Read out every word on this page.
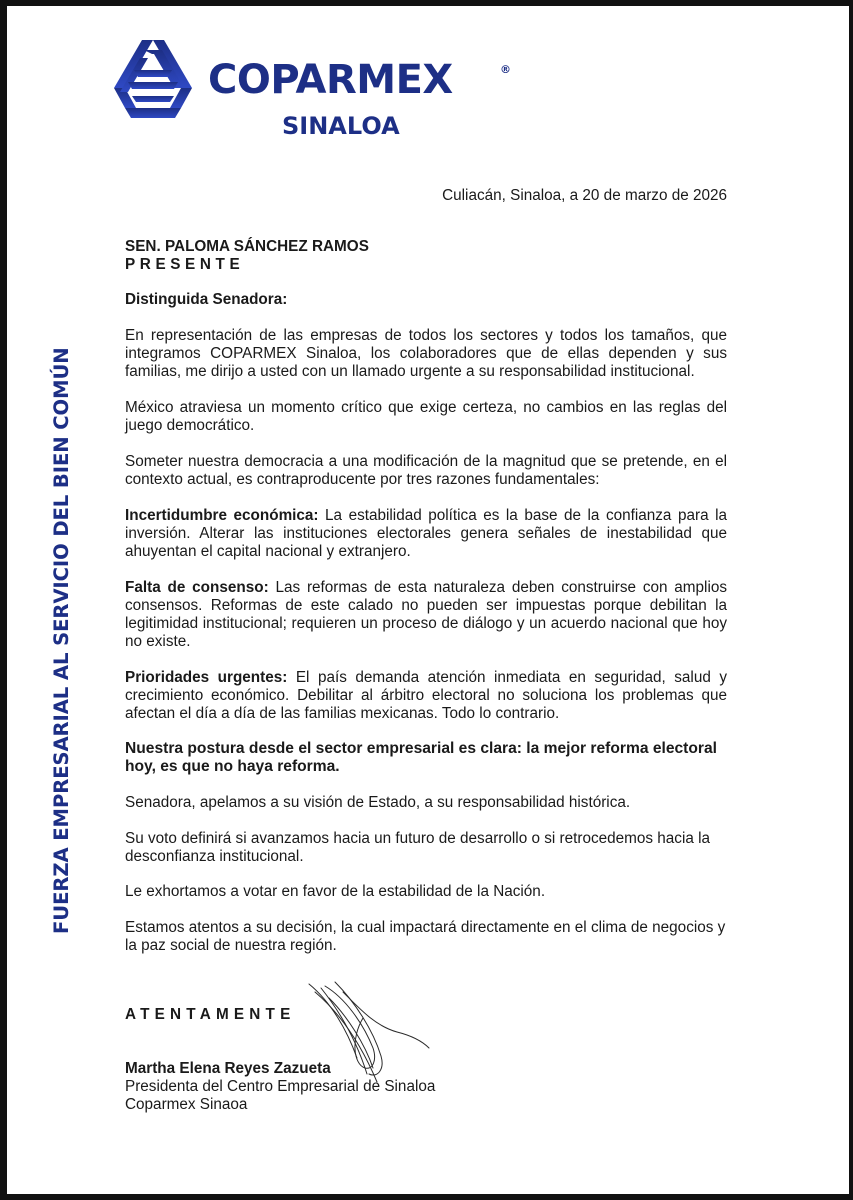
COPARMEX	®
SINALOA
FUERZA EMPRESARIAL AL SERVICIO DEL BIEN COMÚN
Culiacán, Sinaloa, a 20 de marzo de 2026
SEN. PALOMA SÁNCHEZ RAMOS
PRESENTE
Distinguida Senadora:

En representación de las empresas de todos los sectores y todos los tamaños, que integramos COPARMEX Sinaloa, los colaboradores que de ellas dependen y sus familias, me dirijo a usted con un llamado urgente a su responsabilidad institucional.

México atraviesa un momento crítico que exige certeza, no cambios en las reglas del juego democrático.

Someter nuestra democracia a una modificación de la magnitud que se pretende, en el contexto actual, es contraproducente por tres razones fundamentales:

Incertidumbre económica: La estabilidad política es la base de la confianza para la inversión. Alterar las instituciones electorales genera señales de inestabilidad que ahuyentan el capital nacional y extranjero.

Falta de consenso: Las reformas de esta naturaleza deben construirse con amplios consensos. Reformas de este calado no pueden ser impuestas porque debilitan la legitimidad institucional; requieren un proceso de diálogo y un acuerdo nacional que hoy no existe.

Prioridades urgentes: El país demanda atención inmediata en seguridad, salud y crecimiento económico. Debilitar al árbitro electoral no soluciona los problemas que afectan el día a día de las familias mexicanas. Todo lo contrario.

Nuestra postura desde el sector empresarial es clara: la mejor reforma electoral hoy, es que no haya reforma.

Senadora, apelamos a su visión de Estado, a su responsabilidad histórica.

Su voto definirá si avanzamos hacia un futuro de desarrollo o si retrocedemos hacia la desconfianza institucional.

Le exhortamos a votar en favor de la estabilidad de la Nación.

Estamos atentos a su decisión, la cual impactará directamente en el clima de negocios y la paz social de nuestra región.

ATENTAMENTE
Martha Elena Reyes Zazueta
Presidenta del Centro Empresarial de Sinaloa
Coparmex Sinaoa
